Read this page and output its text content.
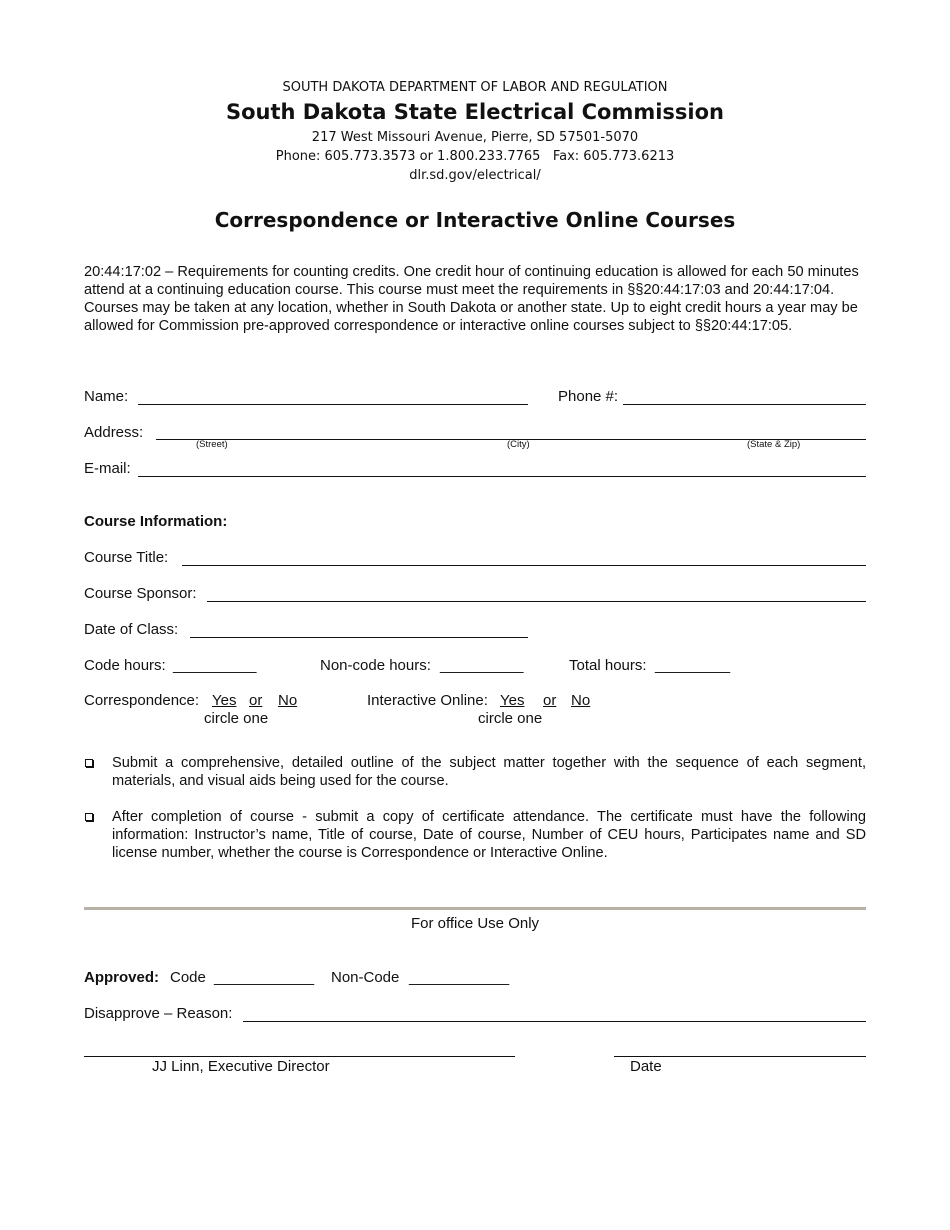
SOUTH DAKOTA DEPARTMENT OF LABOR AND REGULATION
South Dakota State Electrical Commission
217 West Missouri Avenue, Pierre, SD 57501-5070
Phone: 605.773.3573 or 1.800.233.7765   Fax: 605.773.6213
dlr.sd.gov/electrical/
Correspondence or Interactive Online Courses
20:44:17:02 – Requirements for counting credits. One credit hour of continuing education is allowed for each 50 minutes attend at a continuing education course. This course must meet the requirements in §§20:44:17:03 and 20:44:17:04. Courses may be taken at any location, whether in South Dakota or another state. Up to eight credit hours a year may be allowed for Commission pre-approved correspondence or interactive online courses subject to §§20:44:17:05.
Name:	Phone #:
Address:
(Street)	(City)	(State & Zip)
E-mail:
Course Information:
Course Title:
Course Sponsor:
Date of Class:
Code hours: __________	Non-code hours: __________	Total hours: _________
Correspondence: Yes or No
circle one
Interactive Online: Yes or No
circle one
Submit a comprehensive, detailed outline of the subject matter together with the sequence of each segment, materials, and visual aids being used for the course.
After completion of course - submit a copy of certificate attendance. The certificate must have the following information: Instructor’s name, Title of course, Date of course, Number of CEU hours, Participates name and SD license number, whether the course is Correspondence or Interactive Online.
For office Use Only
Approved: Code ____________ Non-Code ____________
Disapprove – Reason:
JJ Linn, Executive Director	Date
